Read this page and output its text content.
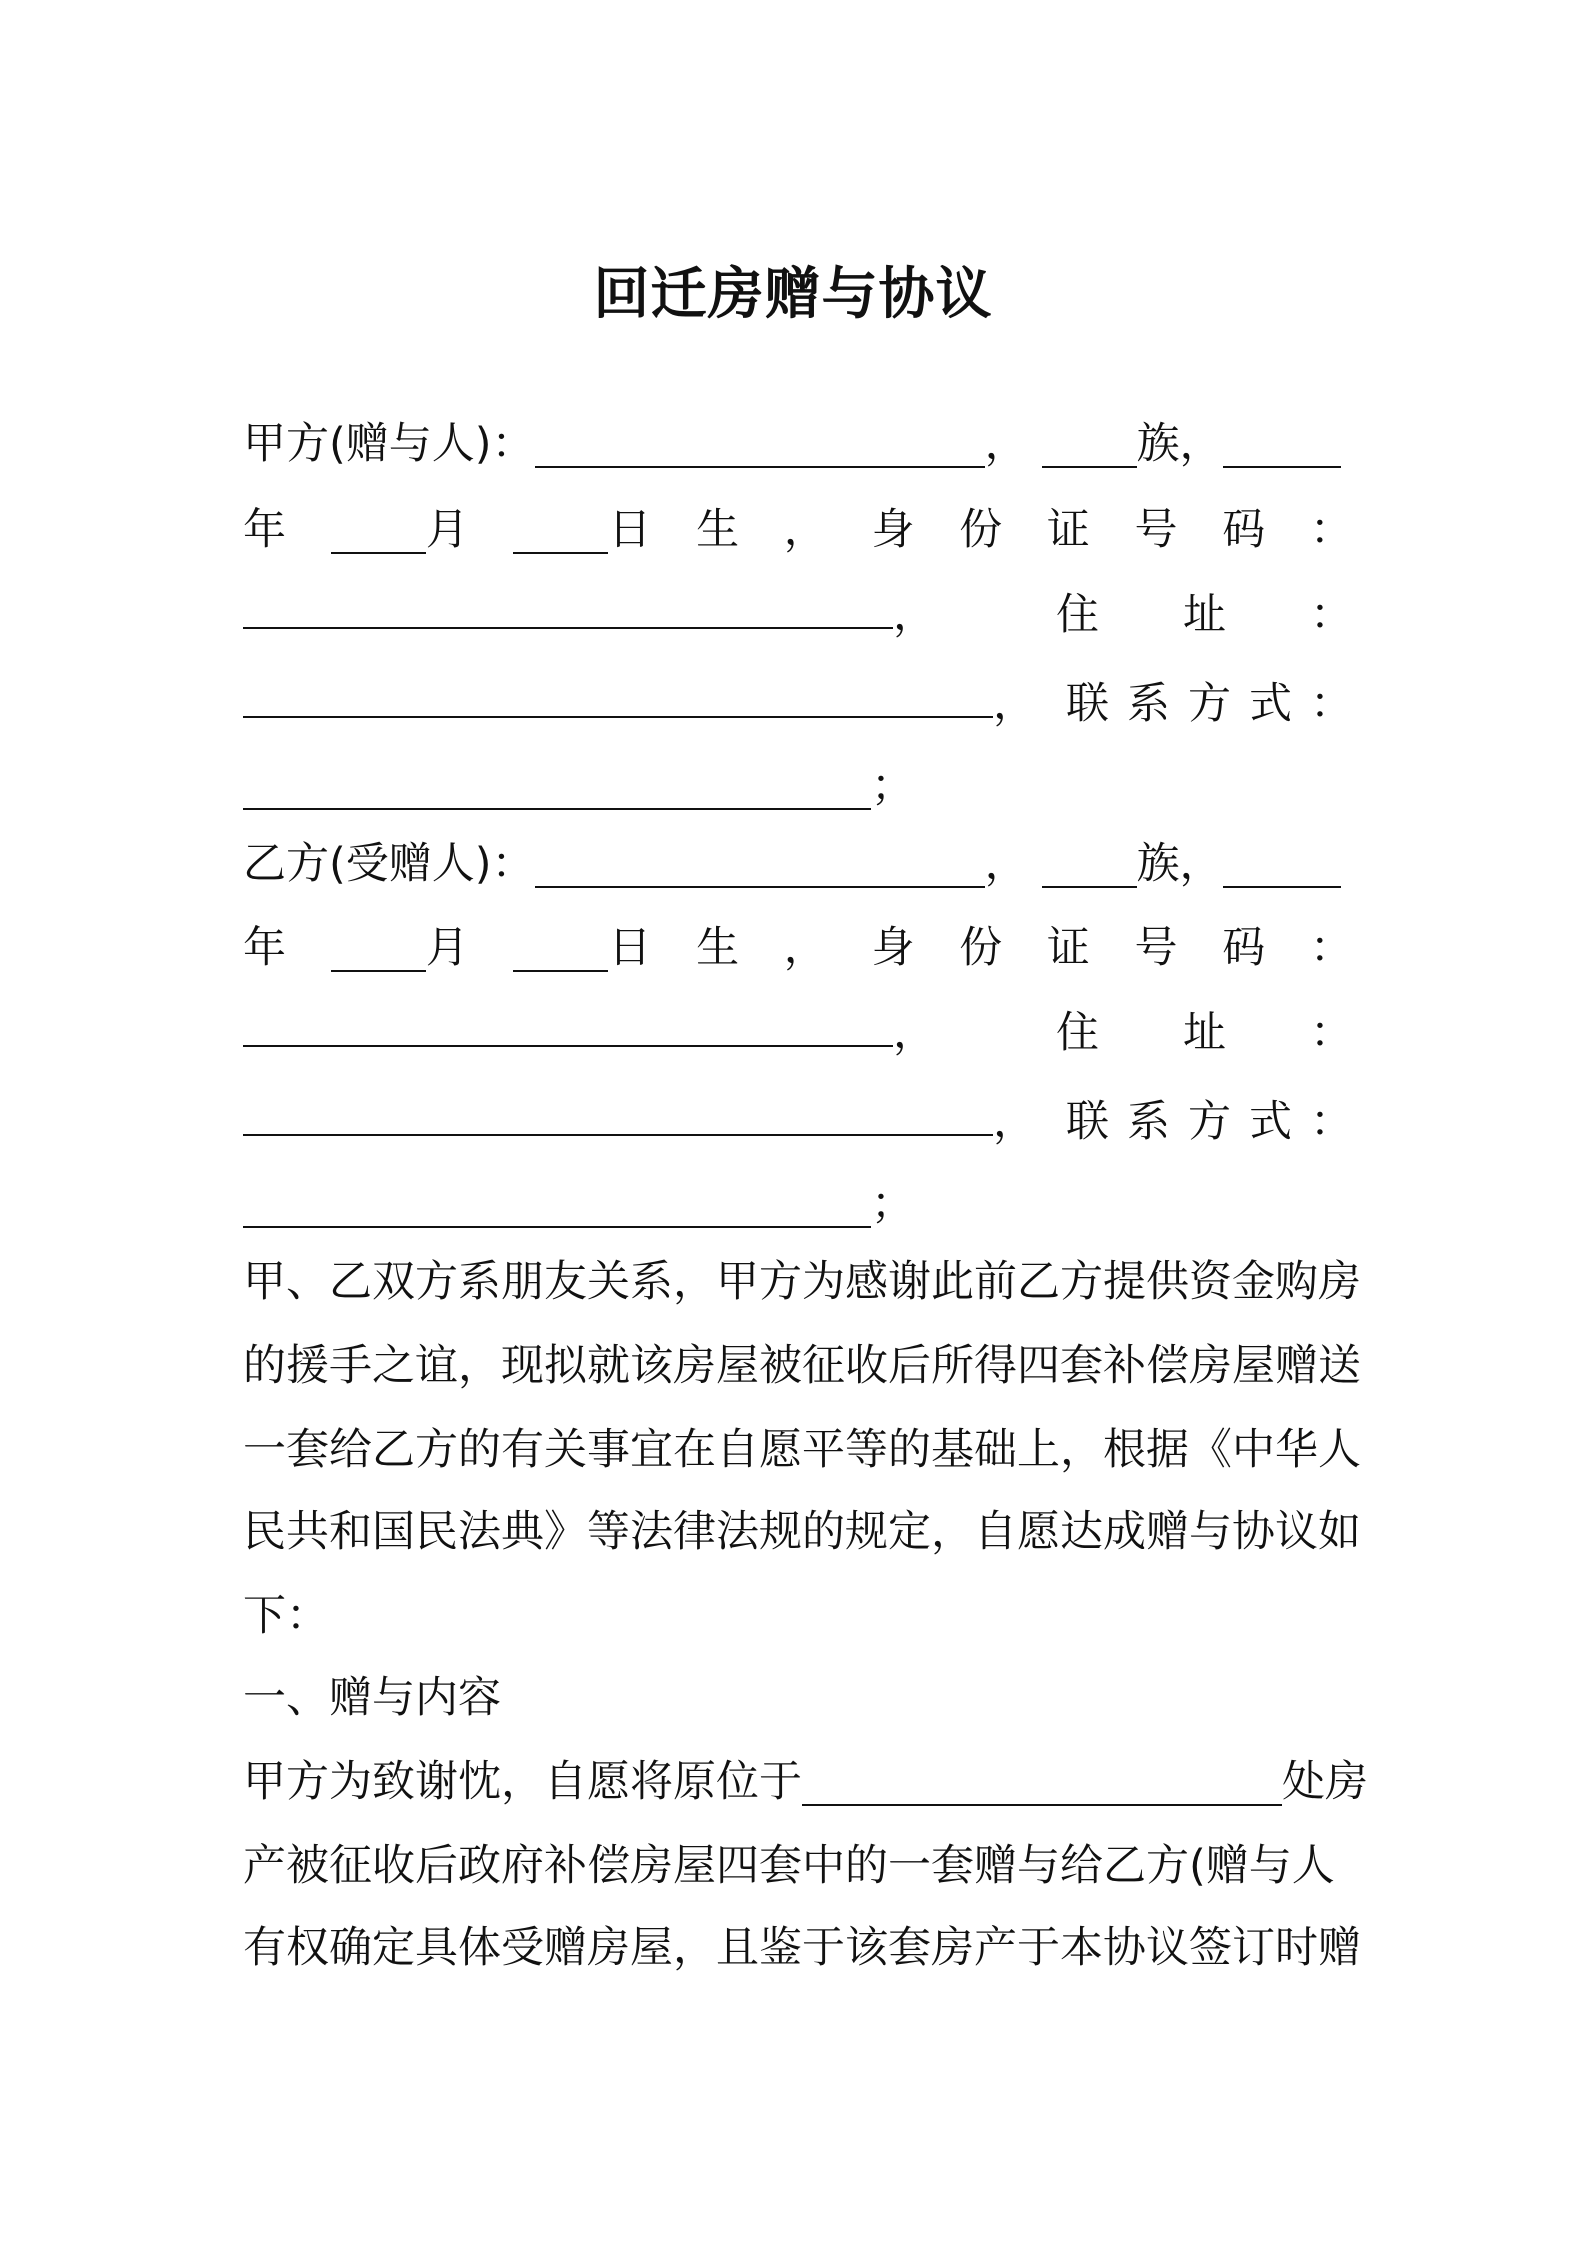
回迁房赠与协议
甲方(赠与人)：	，	族，
年	月	日 生 ， 身 份 证 号 码 ：
，	住 址 ：
， 联 系 方 式 ：
；
乙方(受赠人)：	，	族，
年	月	日 生 ， 身 份 证 号 码 ：
，	住 址 ：
， 联 系 方 式 ：
；
甲、乙双方系朋友关系，甲方为感谢此前乙方提供资金购房
的援手之谊，现拟就该房屋被征收后所得四套补偿房屋赠送
一套给乙方的有关事宜在自愿平等的基础上，根据《中华人
民共和国民法典》等法律法规的规定，自愿达成赠与协议如
下：
一、赠与内容
甲方为致谢忱，自愿将原位于	处房
产被征收后政府补偿房屋四套中的一套赠与给乙方(赠与人
有权确定具体受赠房屋，且鉴于该套房产于本协议签订时赠
